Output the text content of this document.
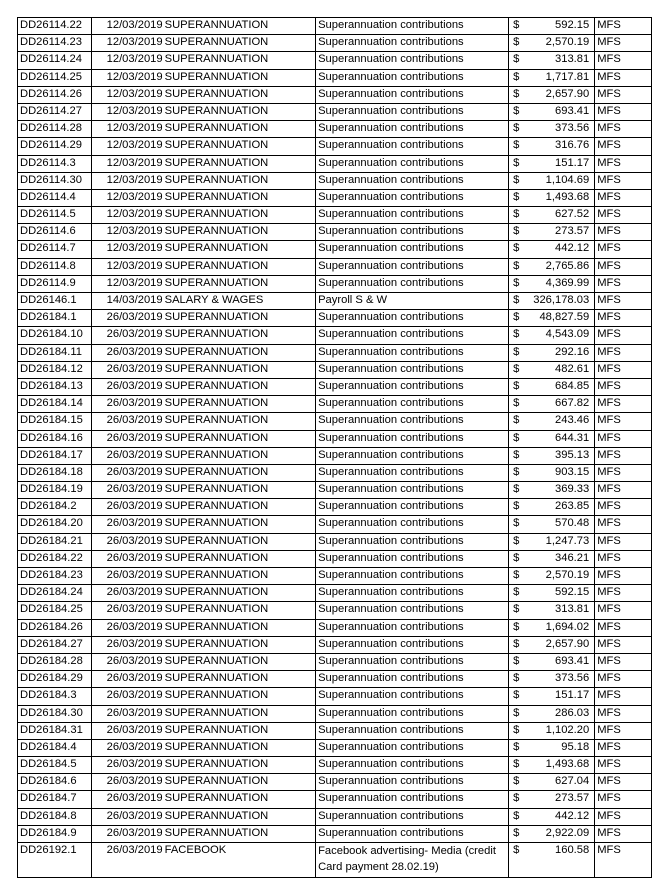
DD26114.22	12/03/2019	SUPERANNUATION	Superannuation contributions	$	592.15	MFS
DD26114.23	12/03/2019	SUPERANNUATION	Superannuation contributions	$	2,570.19	MFS
DD26114.24	12/03/2019	SUPERANNUATION	Superannuation contributions	$	313.81	MFS
DD26114.25	12/03/2019	SUPERANNUATION	Superannuation contributions	$	1,717.81	MFS
DD26114.26	12/03/2019	SUPERANNUATION	Superannuation contributions	$	2,657.90	MFS
DD26114.27	12/03/2019	SUPERANNUATION	Superannuation contributions	$	693.41	MFS
DD26114.28	12/03/2019	SUPERANNUATION	Superannuation contributions	$	373.56	MFS
DD26114.29	12/03/2019	SUPERANNUATION	Superannuation contributions	$	316.76	MFS
DD26114.3	12/03/2019	SUPERANNUATION	Superannuation contributions	$	151.17	MFS
DD26114.30	12/03/2019	SUPERANNUATION	Superannuation contributions	$	1,104.69	MFS
DD26114.4	12/03/2019	SUPERANNUATION	Superannuation contributions	$	1,493.68	MFS
DD26114.5	12/03/2019	SUPERANNUATION	Superannuation contributions	$	627.52	MFS
DD26114.6	12/03/2019	SUPERANNUATION	Superannuation contributions	$	273.57	MFS
DD26114.7	12/03/2019	SUPERANNUATION	Superannuation contributions	$	442.12	MFS
DD26114.8	12/03/2019	SUPERANNUATION	Superannuation contributions	$	2,765.86	MFS
DD26114.9	12/03/2019	SUPERANNUATION	Superannuation contributions	$	4,369.99	MFS
DD26146.1	14/03/2019	SALARY & WAGES	Payroll S & W	$	326,178.03	MFS
DD26184.1	26/03/2019	SUPERANNUATION	Superannuation contributions	$	48,827.59	MFS
DD26184.10	26/03/2019	SUPERANNUATION	Superannuation contributions	$	4,543.09	MFS
DD26184.11	26/03/2019	SUPERANNUATION	Superannuation contributions	$	292.16	MFS
DD26184.12	26/03/2019	SUPERANNUATION	Superannuation contributions	$	482.61	MFS
DD26184.13	26/03/2019	SUPERANNUATION	Superannuation contributions	$	684.85	MFS
DD26184.14	26/03/2019	SUPERANNUATION	Superannuation contributions	$	667.82	MFS
DD26184.15	26/03/2019	SUPERANNUATION	Superannuation contributions	$	243.46	MFS
DD26184.16	26/03/2019	SUPERANNUATION	Superannuation contributions	$	644.31	MFS
DD26184.17	26/03/2019	SUPERANNUATION	Superannuation contributions	$	395.13	MFS
DD26184.18	26/03/2019	SUPERANNUATION	Superannuation contributions	$	903.15	MFS
DD26184.19	26/03/2019	SUPERANNUATION	Superannuation contributions	$	369.33	MFS
DD26184.2	26/03/2019	SUPERANNUATION	Superannuation contributions	$	263.85	MFS
DD26184.20	26/03/2019	SUPERANNUATION	Superannuation contributions	$	570.48	MFS
DD26184.21	26/03/2019	SUPERANNUATION	Superannuation contributions	$	1,247.73	MFS
DD26184.22	26/03/2019	SUPERANNUATION	Superannuation contributions	$	346.21	MFS
DD26184.23	26/03/2019	SUPERANNUATION	Superannuation contributions	$	2,570.19	MFS
DD26184.24	26/03/2019	SUPERANNUATION	Superannuation contributions	$	592.15	MFS
DD26184.25	26/03/2019	SUPERANNUATION	Superannuation contributions	$	313.81	MFS
DD26184.26	26/03/2019	SUPERANNUATION	Superannuation contributions	$	1,694.02	MFS
DD26184.27	26/03/2019	SUPERANNUATION	Superannuation contributions	$	2,657.90	MFS
DD26184.28	26/03/2019	SUPERANNUATION	Superannuation contributions	$	693.41	MFS
DD26184.29	26/03/2019	SUPERANNUATION	Superannuation contributions	$	373.56	MFS
DD26184.3	26/03/2019	SUPERANNUATION	Superannuation contributions	$	151.17	MFS
DD26184.30	26/03/2019	SUPERANNUATION	Superannuation contributions	$	286.03	MFS
DD26184.31	26/03/2019	SUPERANNUATION	Superannuation contributions	$	1,102.20	MFS
DD26184.4	26/03/2019	SUPERANNUATION	Superannuation contributions	$	95.18	MFS
DD26184.5	26/03/2019	SUPERANNUATION	Superannuation contributions	$	1,493.68	MFS
DD26184.6	26/03/2019	SUPERANNUATION	Superannuation contributions	$	627.04	MFS
DD26184.7	26/03/2019	SUPERANNUATION	Superannuation contributions	$	273.57	MFS
DD26184.8	26/03/2019	SUPERANNUATION	Superannuation contributions	$	442.12	MFS
DD26184.9	26/03/2019	SUPERANNUATION	Superannuation contributions	$	2,922.09	MFS
DD26192.1	26/03/2019	FACEBOOK	Facebook advertising- Media (credit Card payment 28.02.19)	$	160.58	MFS
